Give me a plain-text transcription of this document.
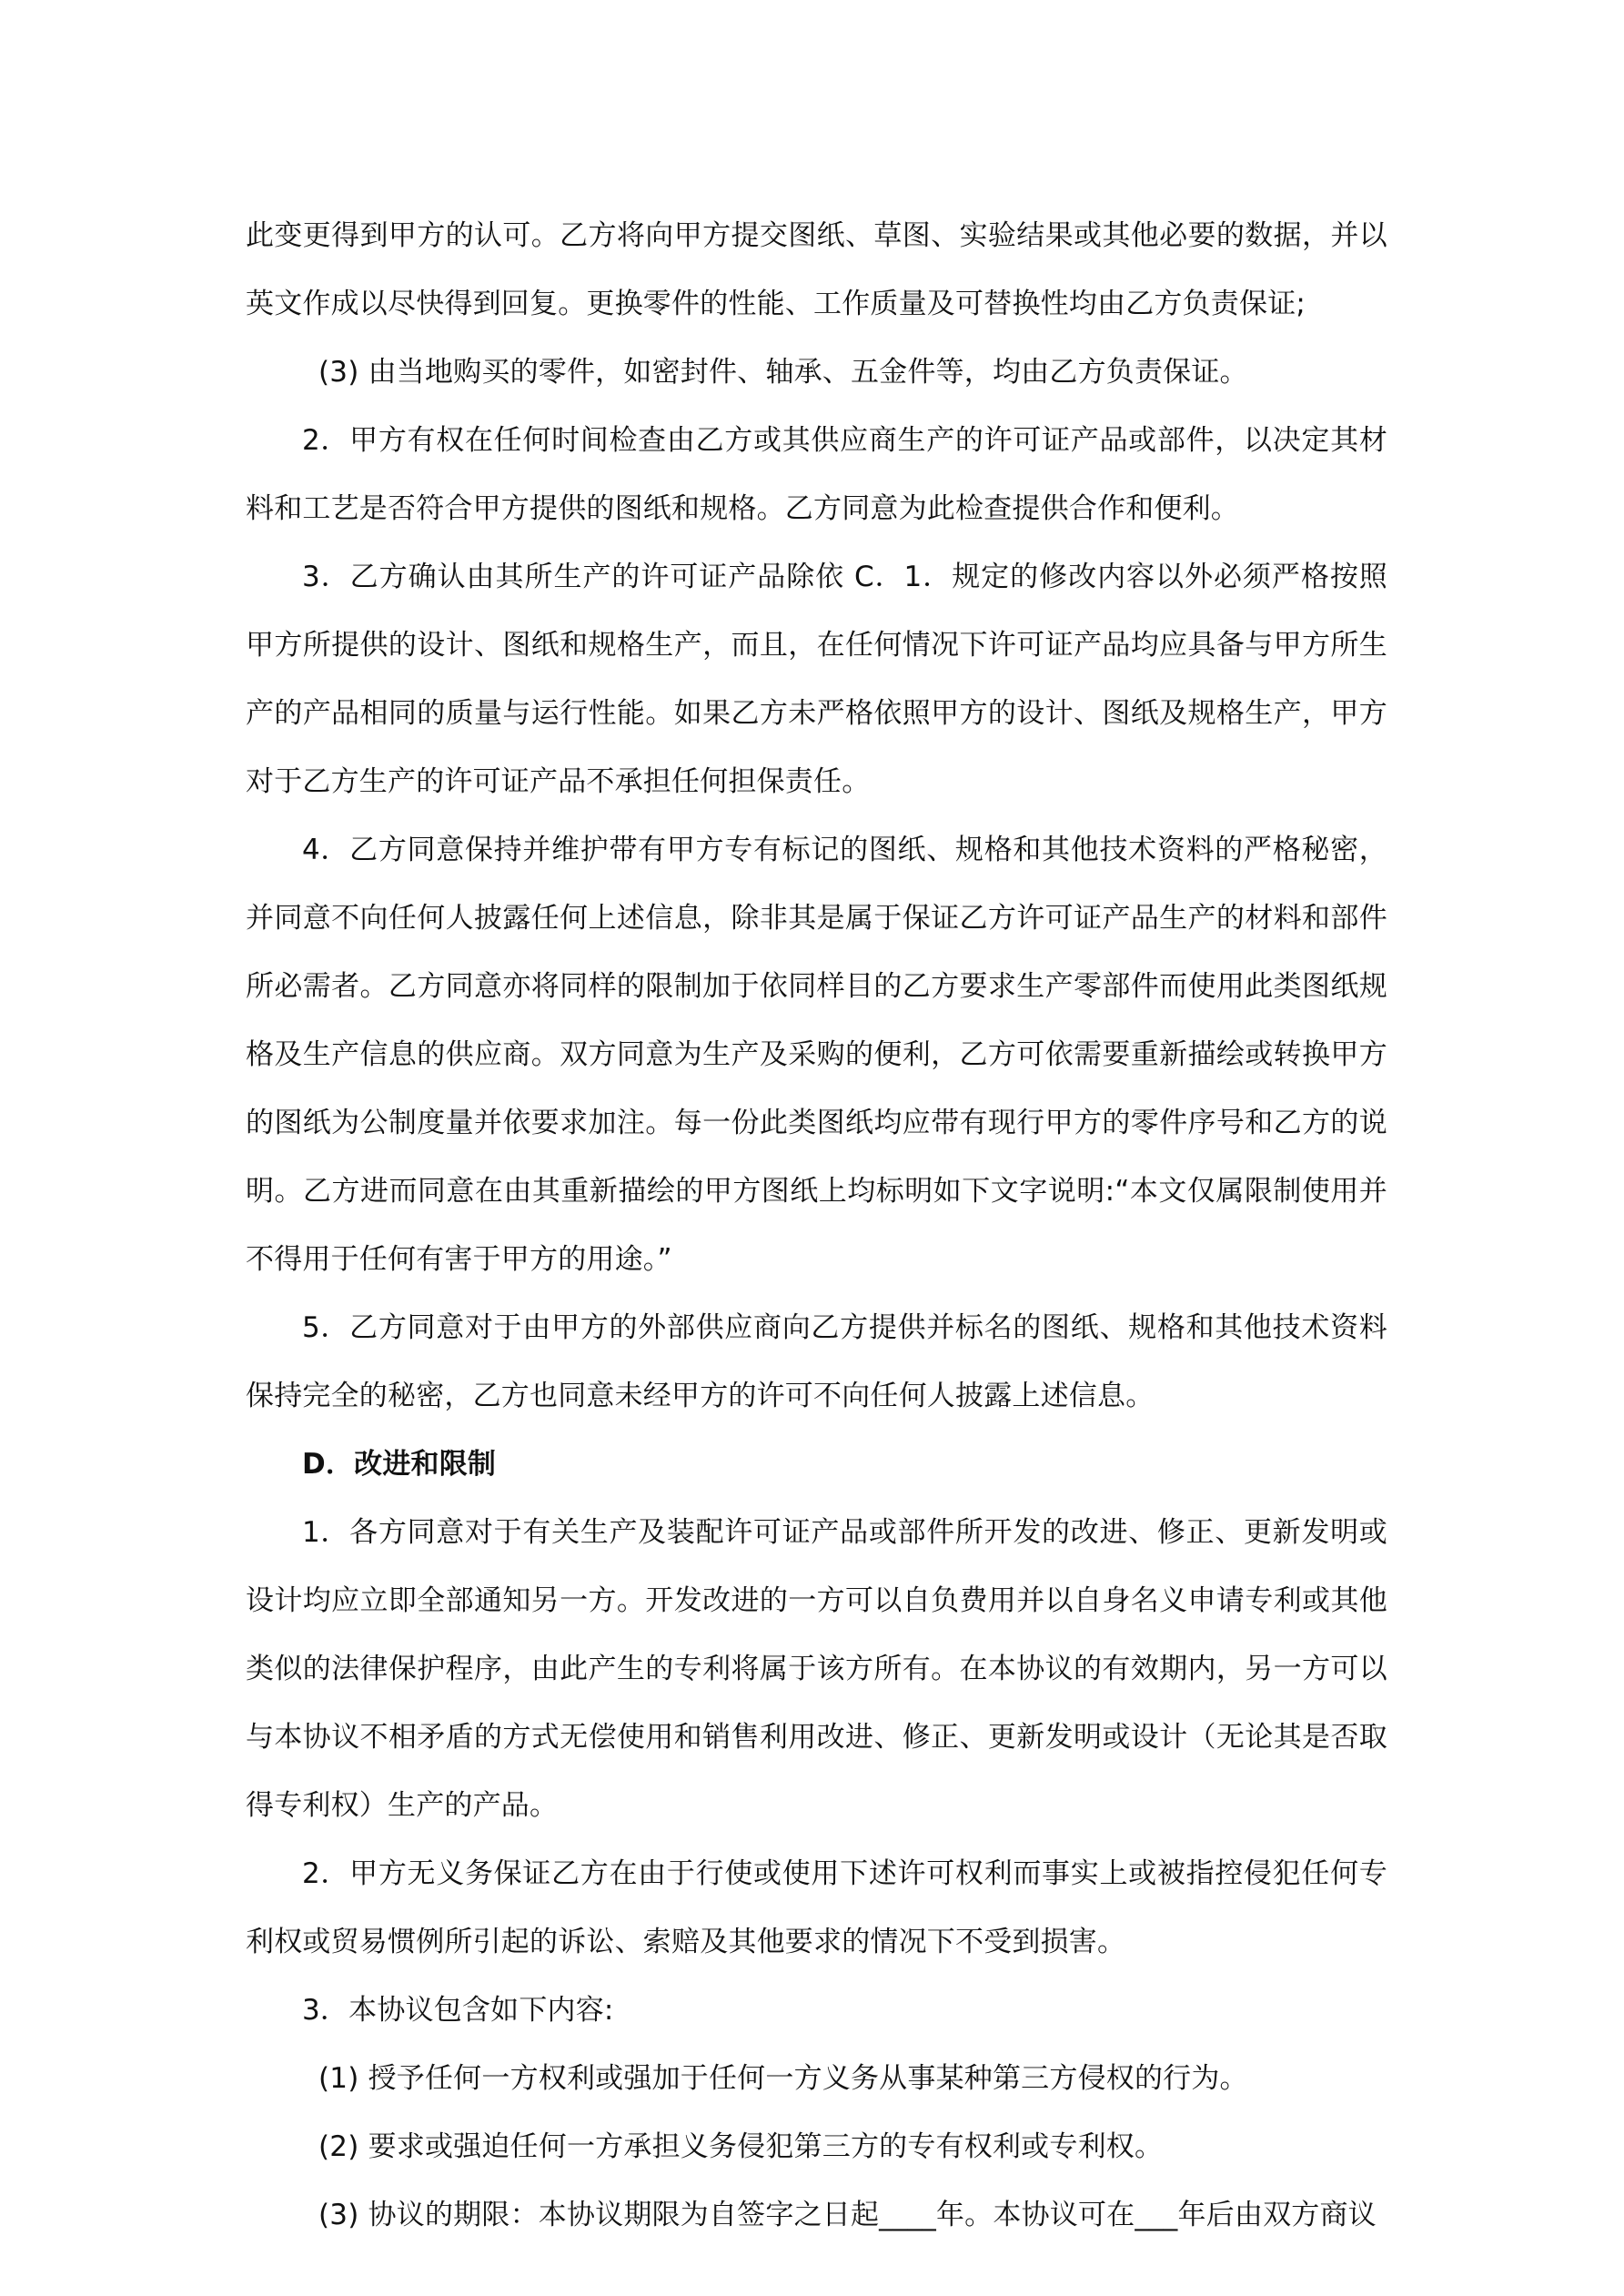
此变更得到甲方的认可。乙方将向甲方提交图纸、草图、实验结果或其他必要的数据，并以英文作成以尽快得到回复。更换零件的性能、工作质量及可替换性均由乙方负责保证;

(3) 由当地购买的零件，如密封件、轴承、五金件等，均由乙方负责保证。

2．甲方有权在任何时间检查由乙方或其供应商生产的许可证产品或部件，以决定其材料和工艺是否符合甲方提供的图纸和规格。乙方同意为此检查提供合作和便利。

3．乙方确认由其所生产的许可证产品除依 C．1．规定的修改内容以外必须严格按照甲方所提供的设计、图纸和规格生产，而且，在任何情况下许可证产品均应具备与甲方所生产的产品相同的质量与运行性能。如果乙方未严格依照甲方的设计、图纸及规格生产，甲方对于乙方生产的许可证产品不承担任何担保责任。

4．乙方同意保持并维护带有甲方专有标记的图纸、规格和其他技术资料的严格秘密，并同意不向任何人披露任何上述信息，除非其是属于保证乙方许可证产品生产的材料和部件所必需者。乙方同意亦将同样的限制加于依同样目的乙方要求生产零部件而使用此类图纸规格及生产信息的供应商。双方同意为生产及采购的便利，乙方可依需要重新描绘或转换甲方的图纸为公制度量并依要求加注。每一份此类图纸均应带有现行甲方的零件序号和乙方的说明。乙方进而同意在由其重新描绘的甲方图纸上均标明如下文字说明:“本文仅属限制使用并不得用于任何有害于甲方的用途。”

5．乙方同意对于由甲方的外部供应商向乙方提供并标名的图纸、规格和其他技术资料保持完全的秘密，乙方也同意未经甲方的许可不向任何人披露上述信息。

D．改进和限制

1．各方同意对于有关生产及装配许可证产品或部件所开发的改进、修正、更新发明或设计均应立即全部通知另一方。开发改进的一方可以自负费用并以自身名义申请专利或其他类似的法律保护程序，由此产生的专利将属于该方所有。在本协议的有效期内，另一方可以与本协议不相矛盾的方式无偿使用和销售利用改进、修正、更新发明或设计（无论其是否取得专利权）生产的产品。

2．甲方无义务保证乙方在由于行使或使用下述许可权利而事实上或被指控侵犯任何专利权或贸易惯例所引起的诉讼、索赔及其他要求的情况下不受到损害。

3．本协议包含如下内容:

(1) 授予任何一方权利或强加于任何一方义务从事某种第三方侵权的行为。

(2) 要求或强迫任何一方承担义务侵犯第三方的专有权利或专利权。

(3) 协议的期限：本协议期限为自签字之日起____年。本协议可在___年后由双方商议
